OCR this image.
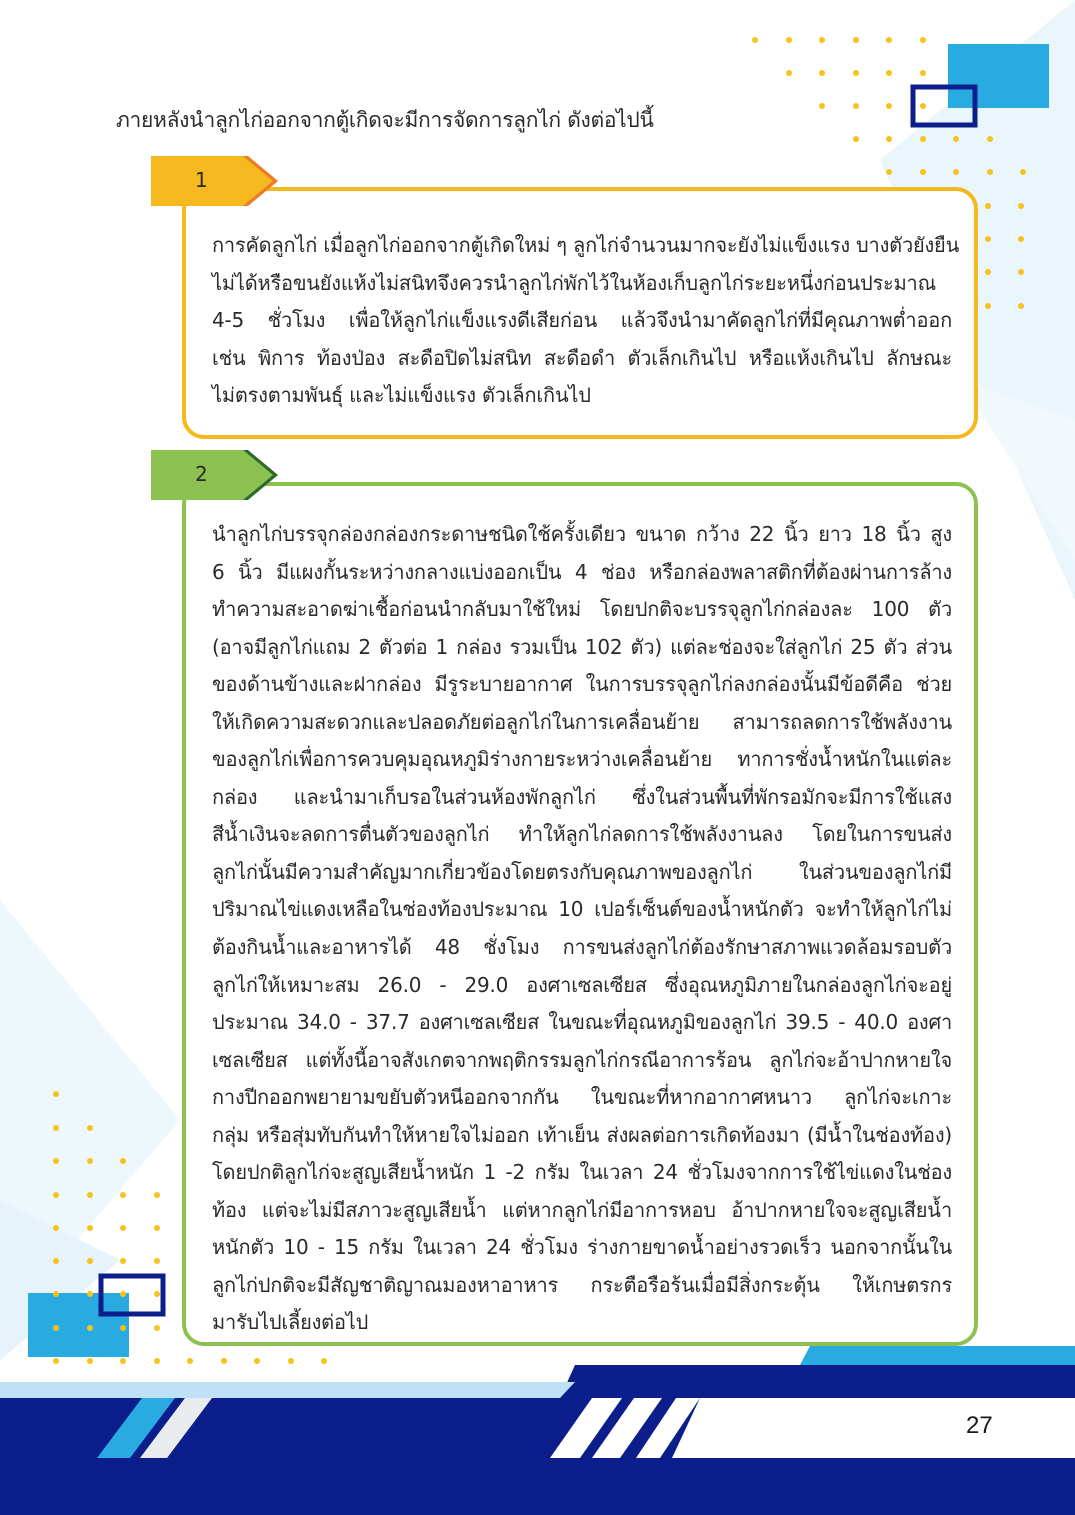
ภายหลังนำลูกไก่ออกจากตู้เกิดจะมีการจัดการลูกไก่ ดังต่อไปนี้
การคัดลูกไก่ เมื่อลูกไก่ออกจากตู้เกิดใหม่ ๆ ลูกไก่จำนวนมากจะยังไม่แข็งแรง บางตัวยังยืน
ไม่ได้หรือขนยังแห้งไม่สนิทจึงควรนำลูกไก่พักไว้ในห้องเก็บลูกไก่ระยะหนึ่งก่อนประมาณ
4-5 ชั่วโมง เพื่อให้ลูกไก่แข็งแรงดีเสียก่อน แล้วจึงนำมาคัดลูกไก่ที่มีคุณภาพต่ำออก
เช่น พิการ ท้องป่อง สะดือปิดไม่สนิท สะดือดำ ตัวเล็กเกินไป หรือแห้งเกินไป ลักษณะ
ไม่ตรงตามพันธุ์ และไม่แข็งแรง ตัวเล็กเกินไป
1
นำลูกไก่บรรจุกล่องกล่องกระดาษชนิดใช้ครั้งเดียว ขนาด กว้าง 22 นิ้ว ยาว 18 นิ้ว สูง
6 นิ้ว มีแผงกั้นระหว่างกลางแบ่งออกเป็น 4 ช่อง หรือกล่องพลาสติกที่ต้องผ่านการล้าง
ทำความสะอาดฆ่าเชื้อก่อนนำกลับมาใช้ใหม่ โดยปกติจะบรรจุลูกไก่กล่องละ 100 ตัว
(อาจมีลูกไก่แถม 2 ตัวต่อ 1 กล่อง รวมเป็น 102 ตัว) แต่ละช่องจะใส่ลูกไก่ 25 ตัว ส่วน
ของด้านข้างและฝากล่อง มีรูระบายอากาศ ในการบรรจุลูกไก่ลงกล่องนั้นมีข้อดีคือ ช่วย
ให้เกิดความสะดวกและปลอดภัยต่อลูกไก่ในการเคลื่อนย้าย สามารถลดการใช้พลังงาน
ของลูกไก่เพื่อการควบคุมอุณหภูมิร่างกายระหว่างเคลื่อนย้าย ทาการชั่งน้ำหนักในแต่ละ
กล่อง และนำมาเก็บรอในส่วนห้องพักลูกไก่ ซึ่งในส่วนพื้นที่พักรอมักจะมีการใช้แสง
สีน้ำเงินจะลดการตื่นตัวของลูกไก่ ทำให้ลูกไก่ลดการใช้พลังงานลง โดยในการขนส่ง
ลูกไก่นั้นมีความสำคัญมากเกี่ยวข้องโดยตรงกับคุณภาพของลูกไก่ ในส่วนของลูกไก่มี
ปริมาณไข่แดงเหลือในช่องท้องประมาณ 10 เปอร์เซ็นต์ของน้ำหนักตัว จะทำให้ลูกไก่ไม่
ต้องกินน้ำและอาหารได้ 48 ชั่งโมง การขนส่งลูกไก่ต้องรักษาสภาพแวดล้อมรอบตัว
ลูกไก่ให้เหมาะสม 26.0 - 29.0 องศาเซลเซียส ซึ่งอุณหภูมิภายในกล่องลูกไก่จะอยู่
ประมาณ 34.0 - 37.7 องศาเซลเซียส ในขณะที่อุณหภูมิของลูกไก่ 39.5 - 40.0 องศา
เซลเซียส แต่ทั้งนี้อาจสังเกตจากพฤติกรรมลูกไก่กรณีอาการร้อน ลูกไก่จะอ้าปากหายใจ
กางปีกออกพยายามขยับตัวหนีออกจากกัน ในขณะที่หากอากาศหนาว ลูกไก่จะเกาะ
กลุ่ม หรือสุ่มทับกันทำให้หายใจไม่ออก เท้าเย็น ส่งผลต่อการเกิดท้องมา (มีน้ำในช่องท้อง)
โดยปกติลูกไก่จะสูญเสียน้ำหนัก 1 -2 กรัม ในเวลา 24 ชั่วโมงจากการใช้ไข่แดงในช่อง
ท้อง แต่จะไม่มีสภาวะสูญเสียน้ำ แต่หากลูกไก่มีอาการหอบ อ้าปากหายใจจะสูญเสียน้ำ
หนักตัว 10 - 15 กรัม ในเวลา 24 ชั่วโมง ร่างกายขาดน้ำอย่างรวดเร็ว นอกจากนั้นใน
ลูกไก่ปกติจะมีสัญชาติญาณมองหาอาหาร กระตือรือร้นเมื่อมีสิ่งกระตุ้น ให้เกษตรกร
มารับไปเลี้ยงต่อไป
2
27
